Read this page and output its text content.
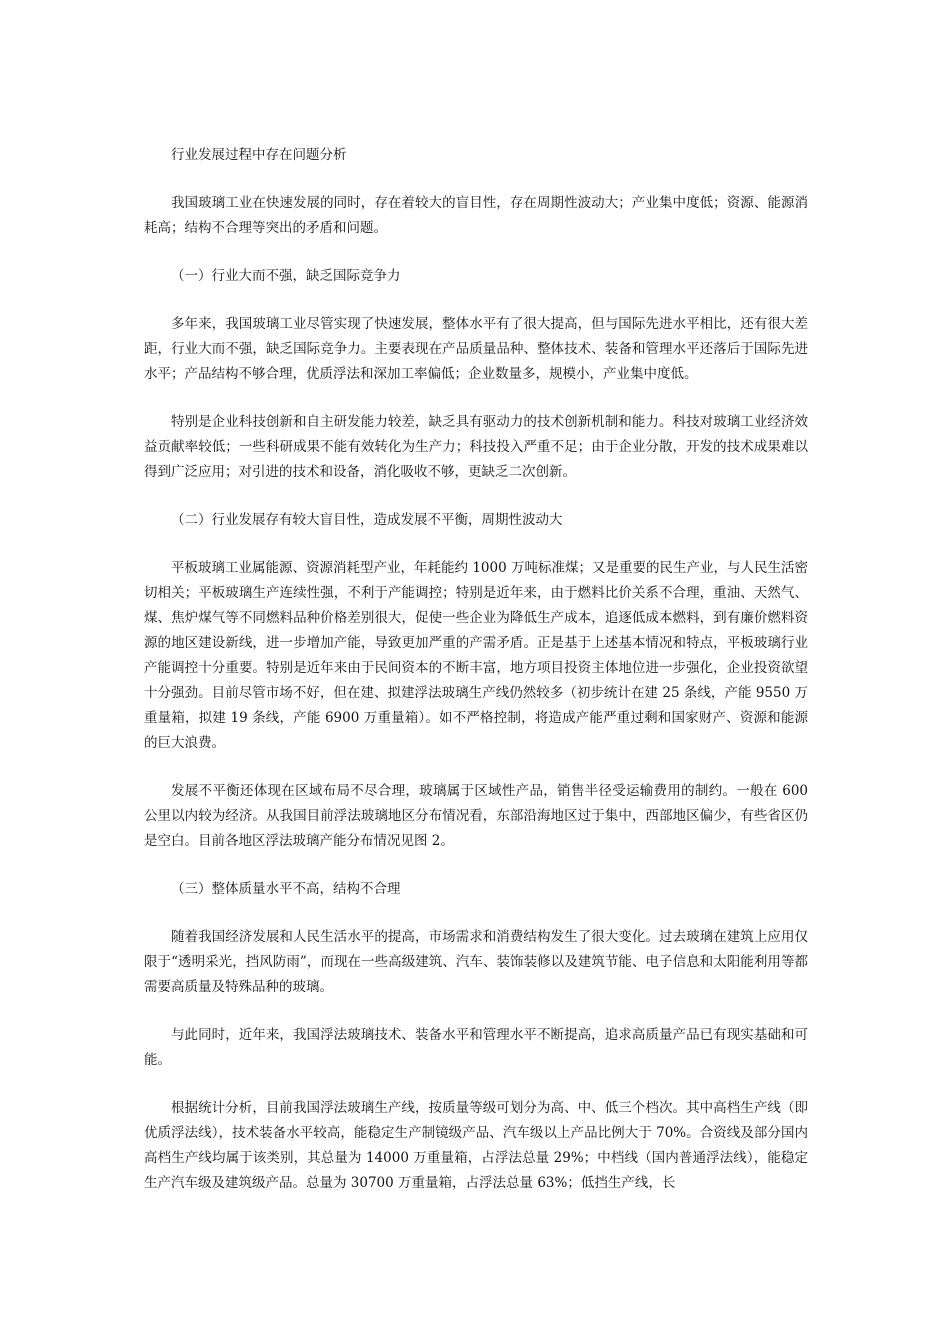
行业发展过程中存在问题分析

我国玻璃工业在快速发展的同时，存在着较大的盲目性，存在周期性波动大；产业集中度低；资源、能源消耗高；结构不合理等突出的矛盾和问题。

（一）行业大而不强，缺乏国际竞争力

多年来，我国玻璃工业尽管实现了快速发展，整体水平有了很大提高，但与国际先进水平相比，还有很大差距，行业大而不强，缺乏国际竞争力。主要表现在产品质量品种、整体技术、装备和管理水平还落后于国际先进水平；产品结构不够合理，优质浮法和深加工率偏低；企业数量多，规模小，产业集中度低。

特别是企业科技创新和自主研发能力较差，缺乏具有驱动力的技术创新机制和能力。科技对玻璃工业经济效益贡献率较低；一些科研成果不能有效转化为生产力；科技投入严重不足；由于企业分散，开发的技术成果难以得到广泛应用；对引进的技术和设备，消化吸收不够，更缺乏二次创新。

（二）行业发展存有较大盲目性，造成发展不平衡，周期性波动大

平板玻璃工业属能源、资源消耗型产业，年耗能约 1000 万吨标准煤；又是重要的民生产业，与人民生活密切相关；平板玻璃生产连续性强，不利于产能调控；特别是近年来，由于燃料比价关系不合理，重油、天然气、煤、焦炉煤气等不同燃料品种价格差别很大，促使一些企业为降低生产成本，追逐低成本燃料，到有廉价燃料资源的地区建设新线，进一步增加产能，导致更加严重的产需矛盾。正是基于上述基本情况和特点，平板玻璃行业产能调控十分重要。特别是近年来由于民间资本的不断丰富，地方项目投资主体地位进一步强化，企业投资欲望十分强劲。目前尽管市场不好，但在建、拟建浮法玻璃生产线仍然较多（初步统计在建 25 条线，产能 9550 万重量箱，拟建 19 条线，产能 6900 万重量箱）。如不严格控制，将造成产能严重过剩和国家财产、资源和能源的巨大浪费。

发展不平衡还体现在区域布局不尽合理，玻璃属于区域性产品，销售半径受运输费用的制约。一般在 600 公里以内较为经济。从我国目前浮法玻璃地区分布情况看，东部沿海地区过于集中，西部地区偏少，有些省区仍是空白。目前各地区浮法玻璃产能分布情况见图 2。

（三）整体质量水平不高，结构不合理

随着我国经济发展和人民生活水平的提高，市场需求和消费结构发生了很大变化。过去玻璃在建筑上应用仅限于“透明采光，挡风防雨”，而现在一些高级建筑、汽车、装饰装修以及建筑节能、电子信息和太阳能利用等都需要高质量及特殊品种的玻璃。

与此同时，近年来，我国浮法玻璃技术、装备水平和管理水平不断提高，追求高质量产品已有现实基础和可能。

根据统计分析，目前我国浮法玻璃生产线，按质量等级可划分为高、中、低三个档次。其中高档生产线（即优质浮法线），技术装备水平较高，能稳定生产制镜级产品、汽车级以上产品比例大于 70%。合资线及部分国内高档生产线均属于该类别，其总量为 14000 万重量箱，占浮法总量 29%；中档线（国内普通浮法线），能稳定生产汽车级及建筑级产品。总量为 30700 万重量箱，占浮法总量 63%；低挡生产线，长
